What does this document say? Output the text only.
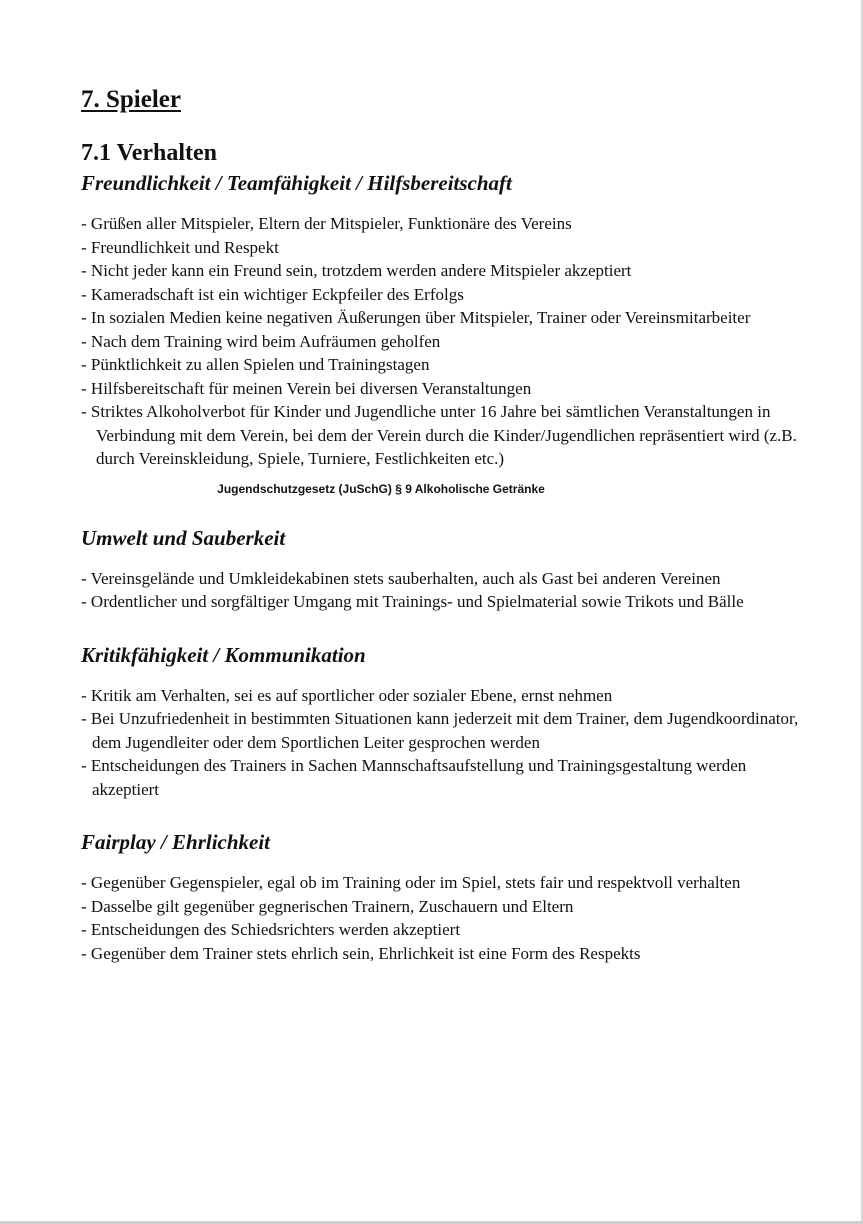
7. Spieler
7.1 Verhalten
Freundlichkeit / Teamfähigkeit / Hilfsbereitschaft
- Grüßen aller Mitspieler, Eltern der Mitspieler, Funktionäre des Vereins
- Freundlichkeit und Respekt
- Nicht jeder kann ein Freund sein, trotzdem werden andere Mitspieler akzeptiert
- Kameradschaft ist ein wichtiger Eckpfeiler des Erfolgs
- In sozialen Medien keine negativen Äußerungen über Mitspieler, Trainer oder Vereinsmitarbeiter
- Nach dem Training wird beim Aufräumen geholfen
- Pünktlichkeit zu allen Spielen und Trainingstagen
- Hilfsbereitschaft für meinen Verein bei diversen Veranstaltungen
- Striktes Alkoholverbot für Kinder und Jugendliche unter 16 Jahre bei sämtlichen Veranstaltungen in Verbindung mit dem Verein, bei dem der Verein durch die Kinder/Jugendlichen repräsentiert wird (z.B. durch Vereinskleidung, Spiele, Turniere, Festlichkeiten etc.)

Jugendschutzgesetz (JuSchG) § 9 Alkoholische Getränke

Umwelt und Sauberkeit
- Vereinsgelände und Umkleidekabinen stets sauberhalten, auch als Gast bei anderen Vereinen
- Ordentlicher und sorgfältiger Umgang mit Trainings- und Spielmaterial sowie Trikots und Bälle
Kritikfähigkeit / Kommunikation
- Kritik am Verhalten, sei es auf sportlicher oder sozialer Ebene, ernst nehmen
- Bei Unzufriedenheit in bestimmten Situationen kann jederzeit mit dem Trainer, dem Jugendkoordinator, dem Jugendleiter oder dem Sportlichen Leiter gesprochen werden
- Entscheidungen des Trainers in Sachen Mannschaftsaufstellung und Trainingsgestaltung werden akzeptiert
Fairplay / Ehrlichkeit
- Gegenüber Gegenspieler, egal ob im Training oder im Spiel, stets fair und respektvoll verhalten
- Dasselbe gilt gegenüber gegnerischen Trainern, Zuschauern und Eltern
- Entscheidungen des Schiedsrichters werden akzeptiert
- Gegenüber dem Trainer stets ehrlich sein, Ehrlichkeit ist eine Form des Respekts
